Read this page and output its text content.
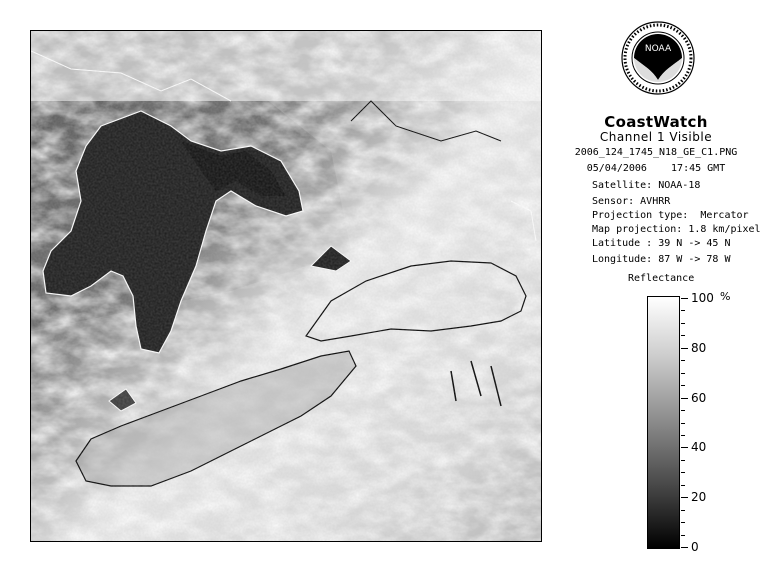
NOAA
CoastWatch
Channel 1 Visible
2006_124_1745_N18_GE_C1.PNG
05/04/2006    17:45 GMT
Satellite: NOAA-18
Sensor: AVHRR
Projection type:  Mercator
Map projection: 1.8 km/pixel
Latitude : 39 N -> 45 N
Longitude: 87 W -> 78 W
Reflectance
%
100
80
60
40
20
0
